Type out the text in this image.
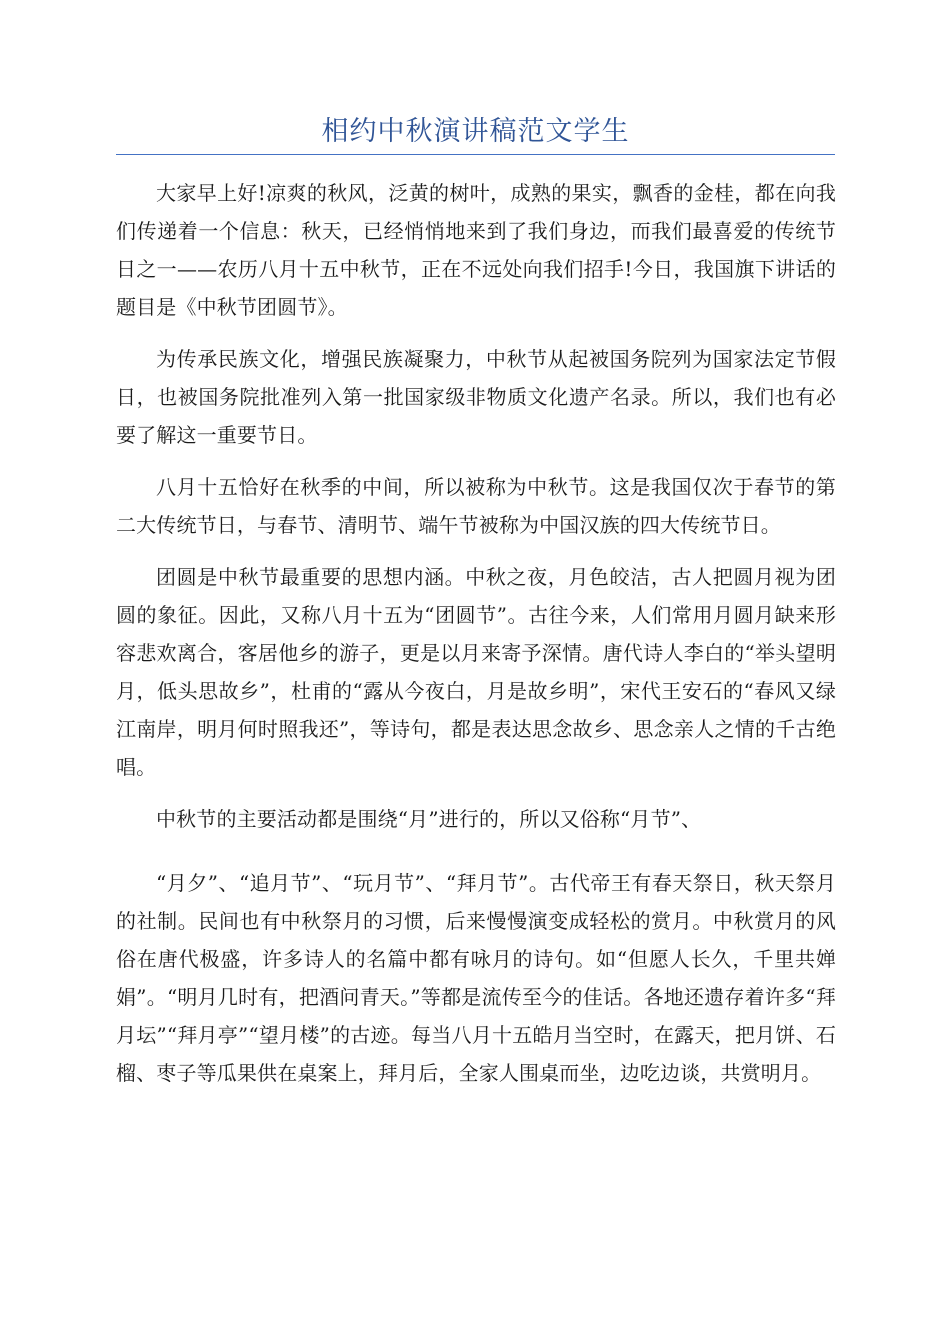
相约中秋演讲稿范文学生

大家早上好!凉爽的秋风，泛黄的树叶，成熟的果实，飘香的金桂，都在向我们传递着一个信息：秋天，已经悄悄地来到了我们身边，而我们最喜爱的传统节日之一——农历八月十五中秋节，正在不远处向我们招手!今日，我国旗下讲话的题目是《中秋节团圆节》。

为传承民族文化，增强民族凝聚力，中秋节从起被国务院列为国家法定节假日，也被国务院批准列入第一批国家级非物质文化遗产名录。所以，我们也有必要了解这一重要节日。

八月十五恰好在秋季的中间，所以被称为中秋节。这是我国仅次于春节的第二大传统节日，与春节、清明节、端午节被称为中国汉族的四大传统节日。

团圆是中秋节最重要的思想内涵。中秋之夜，月色皎洁，古人把圆月视为团圆的象征。因此，又称八月十五为“团圆节”。古往今来，人们常用月圆月缺来形容悲欢离合，客居他乡的游子，更是以月来寄予深情。唐代诗人李白的“举头望明月，低头思故乡”，杜甫的“露从今夜白，月是故乡明”，宋代王安石的“春风又绿江南岸，明月何时照我还”，等诗句，都是表达思念故乡、思念亲人之情的千古绝唱。

中秋节的主要活动都是围绕“月”进行的，所以又俗称“月节”、

“月夕”、“追月节”、“玩月节”、“拜月节”。古代帝王有春天祭日，秋天祭月的社制。民间也有中秋祭月的习惯，后来慢慢演变成轻松的赏月。中秋赏月的风俗在唐代极盛，许多诗人的名篇中都有咏月的诗句。如“但愿人长久，千里共婵娟”。“明月几时有，把酒问青天。”等都是流传至今的佳话。各地还遗存着许多“拜月坛”“拜月亭”“望月楼”的古迹。每当八月十五皓月当空时，在露天，把月饼、石榴、枣子等瓜果供在桌案上，拜月后，全家人围桌而坐，边吃边谈，共赏明月。
